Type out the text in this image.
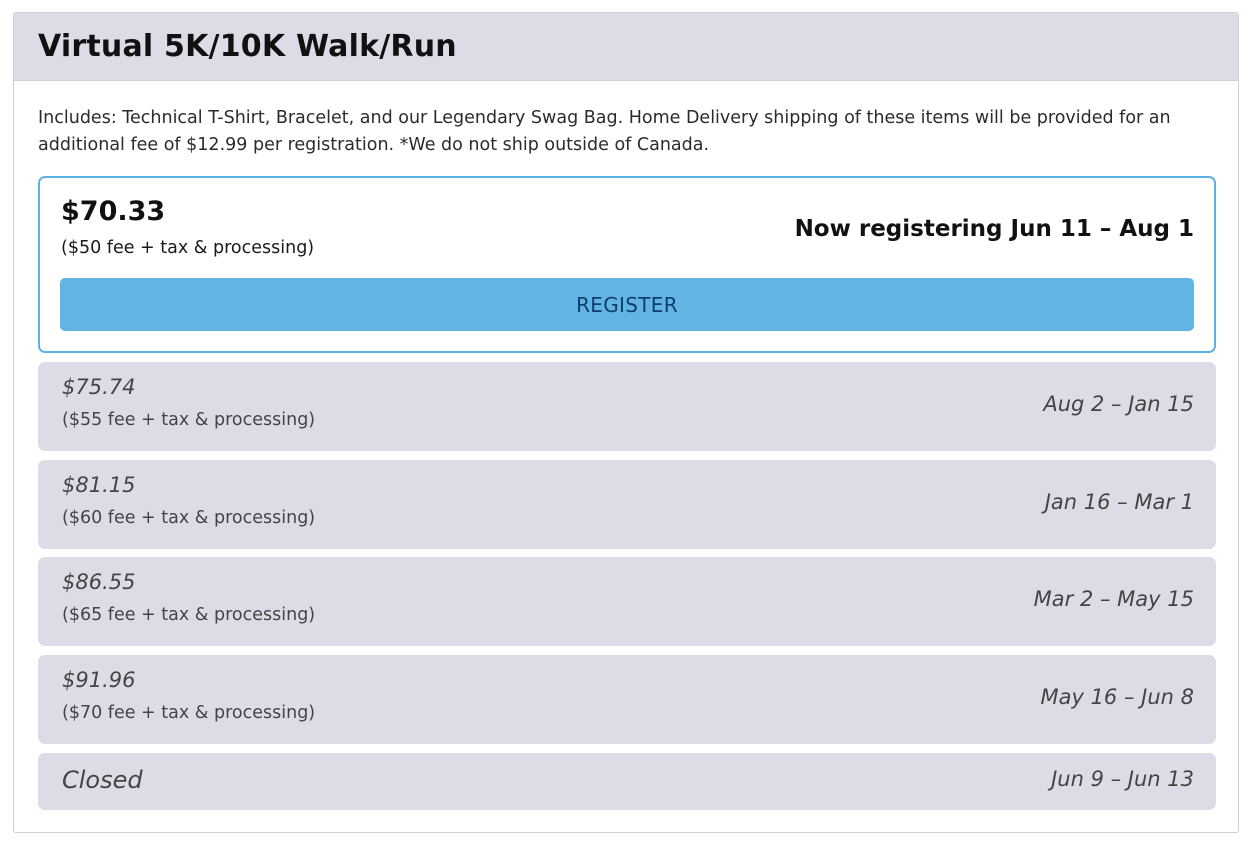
Virtual 5K/10K Walk/Run
Includes: Technical T-Shirt, Bracelet, and our Legendary Swag Bag. Home Delivery shipping of these items will be provided for an additional fee of $12.99 per registration. *We do not ship outside of Canada.
$70.33
($50 fee + tax & processing)
Now registering Jun 11 – Aug 1
REGISTER
$75.74
($55 fee + tax & processing)
Aug 2 – Jan 15
$81.15
($60 fee + tax & processing)
Jan 16 – Mar 1
$86.55
($65 fee + tax & processing)
Mar 2 – May 15
$91.96
($70 fee + tax & processing)
May 16 – Jun 8
Closed	Jun 9 – Jun 13
